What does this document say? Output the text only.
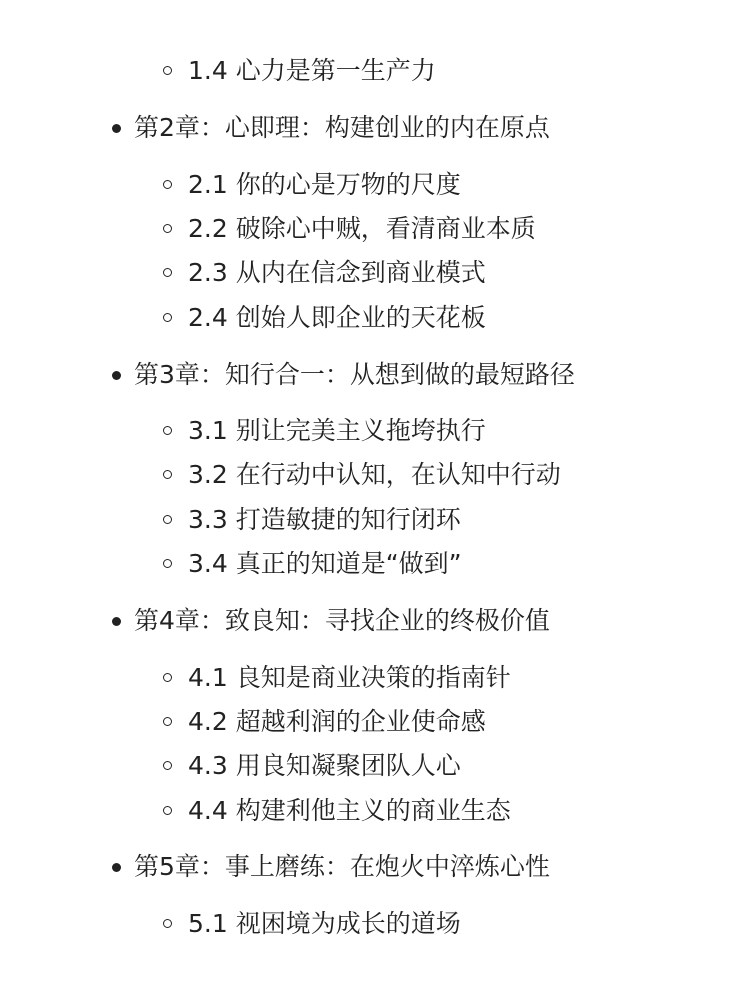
1.4 心力是第一生产力
第2章：心即理：构建创业的内在原点
2.1 你的心是万物的尺度
2.2 破除心中贼，看清商业本质
2.3 从内在信念到商业模式
2.4 创始人即企业的天花板
第3章：知行合一：从想到做的最短路径
3.1 别让完美主义拖垮执行
3.2 在行动中认知，在认知中行动
3.3 打造敏捷的知行闭环
3.4 真正的知道是“做到”
第4章：致良知：寻找企业的终极价值
4.1 良知是商业决策的指南针
4.2 超越利润的企业使命感
4.3 用良知凝聚团队人心
4.4 构建利他主义的商业生态
第5章：事上磨练：在炮火中淬炼心性
5.1 视困境为成长的道场
